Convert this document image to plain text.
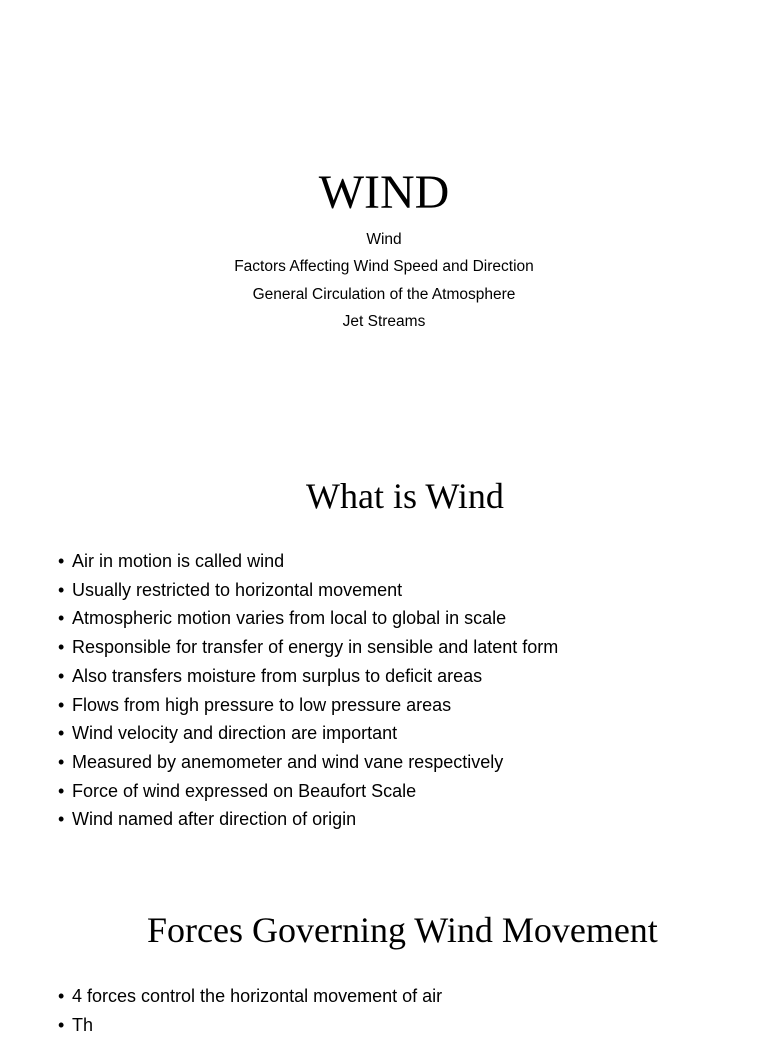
WIND
Wind
Factors Affecting Wind Speed and Direction
General Circulation of the Atmosphere
Jet Streams
What is Wind
• Air in motion is called wind
• Usually restricted to horizontal movement
• Atmospheric motion varies from local to global in scale
• Responsible for transfer of energy in sensible and latent form
• Also transfers moisture from surplus to deficit areas
• Flows from high pressure to low pressure areas
• Wind velocity and direction are important
• Measured by anemometer and wind vane respectively
• Force of wind expressed on Beaufort Scale
• Wind named after direction of origin
Forces Governing Wind Movement
• 4 forces control the horizontal movement of air
• Th
